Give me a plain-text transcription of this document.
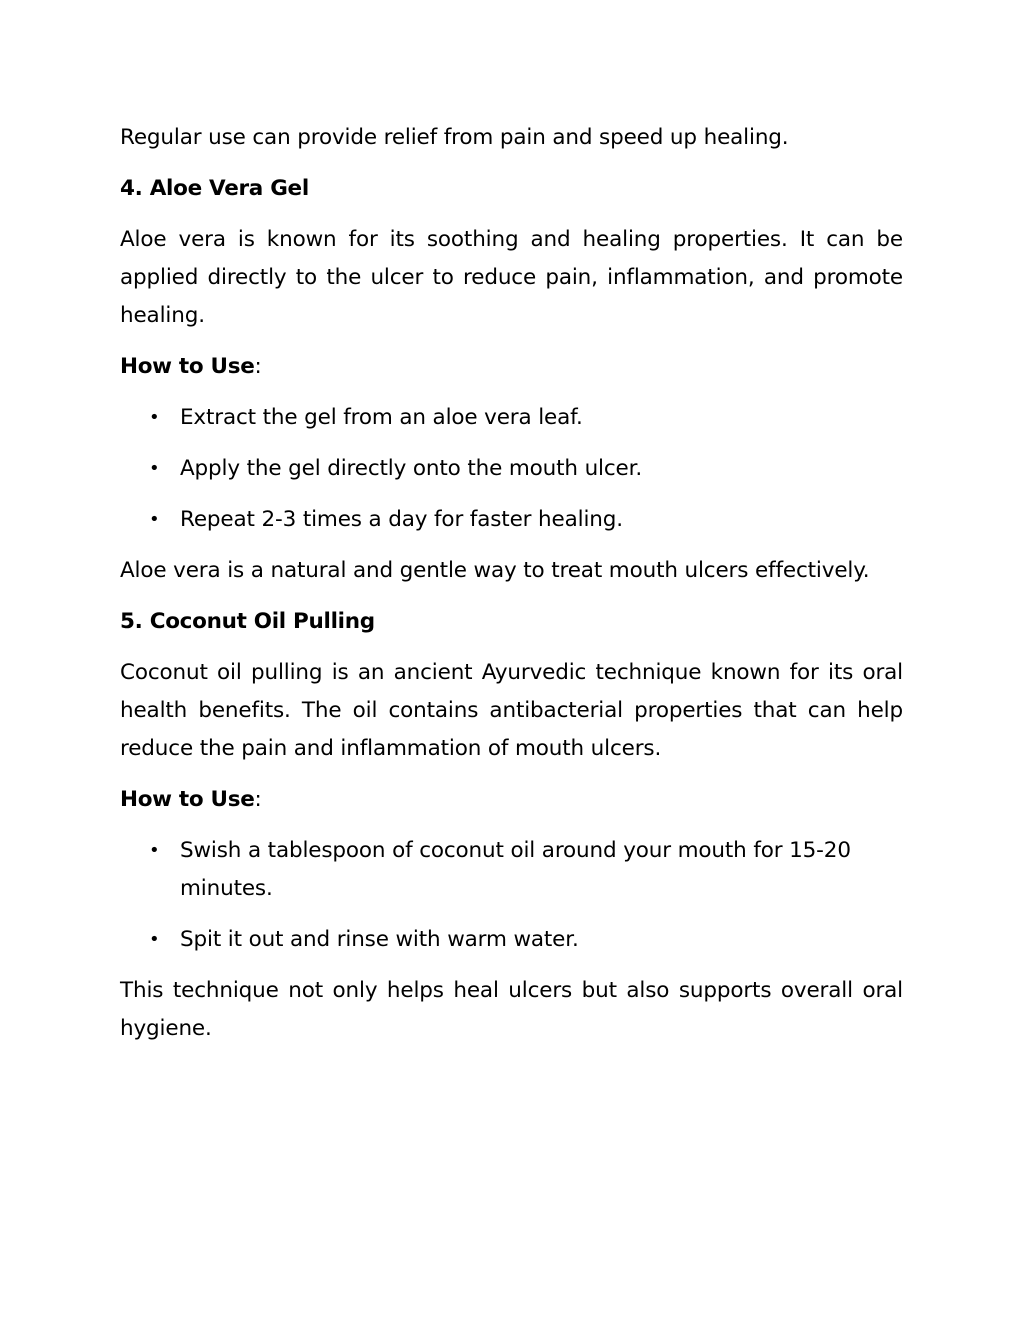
Regular use can provide relief from pain and speed up healing.

4. Aloe Vera Gel

Aloe vera is known for its soothing and healing properties. It can be applied directly to the ulcer to reduce pain, inflammation, and promote healing.

How to Use:

• Extract the gel from an aloe vera leaf.
• Apply the gel directly onto the mouth ulcer.
• Repeat 2-3 times a day for faster healing.

Aloe vera is a natural and gentle way to treat mouth ulcers effectively.

5. Coconut Oil Pulling

Coconut oil pulling is an ancient Ayurvedic technique known for its oral health benefits. The oil contains antibacterial properties that can help reduce the pain and inflammation of mouth ulcers.

How to Use:

• Swish a tablespoon of coconut oil around your mouth for 15-20 minutes.
• Spit it out and rinse with warm water.

This technique not only helps heal ulcers but also supports overall oral hygiene.
